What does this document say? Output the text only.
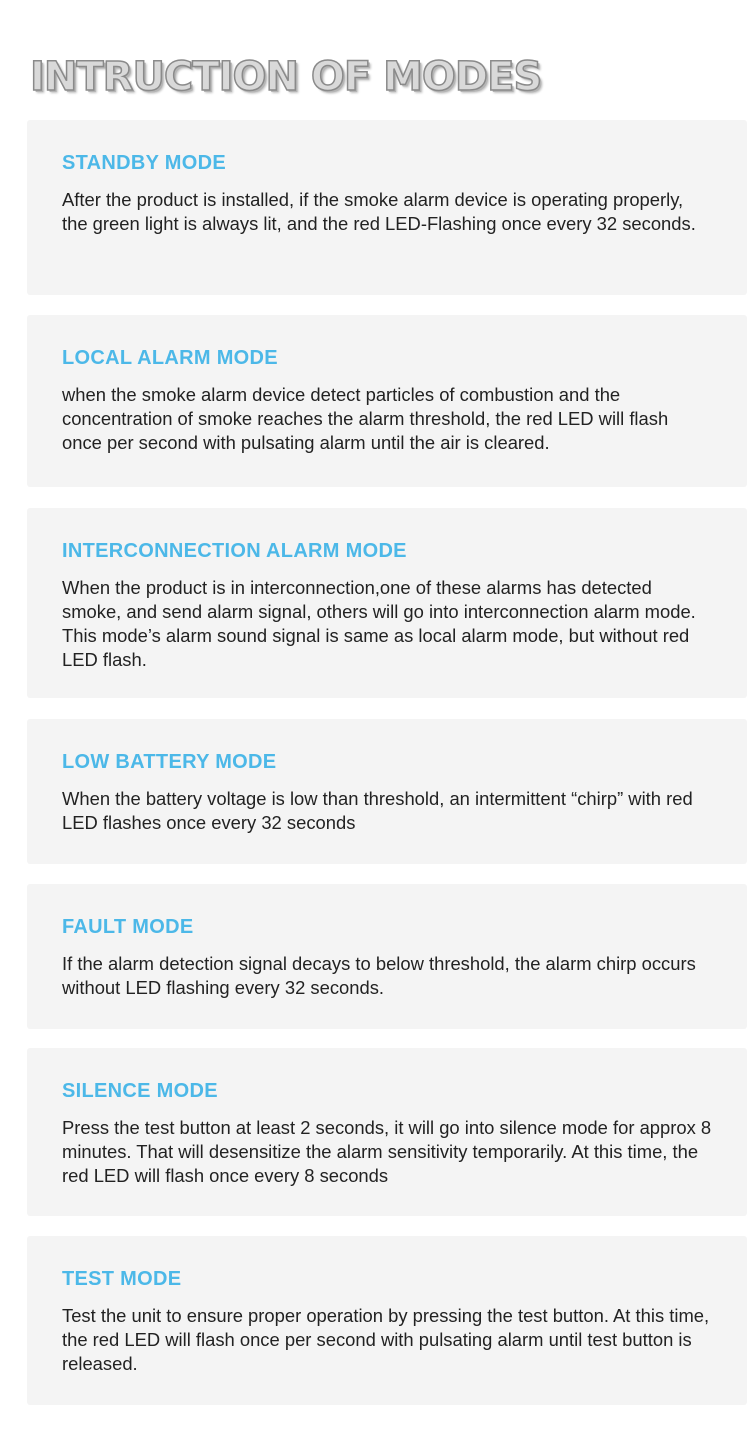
INTRUCTION OF MODES
STANDBY MODE

After the product is installed, if the smoke alarm device is operating properly, the green light is always lit, and the red LED-Flashing once every 32 seconds.

LOCAL ALARM MODE

when the smoke alarm device detect particles of combustion and the concentration of smoke reaches the alarm threshold, the red LED will flash once per second with pulsating alarm until the air is cleared.

INTERCONNECTION ALARM MODE

When the product is in interconnection,one of these alarms has detected smoke, and send alarm signal, others will go into interconnection alarm mode. This mode’s alarm sound signal is same as local alarm mode, but without red LED flash.

LOW BATTERY MODE

When the battery voltage is low than threshold, an intermittent “chirp” with red LED flashes once every 32 seconds

FAULT MODE

If the alarm detection signal decays to below threshold, the alarm chirp occurs without LED flashing every 32 seconds.

SILENCE MODE

Press the test button at least 2 seconds, it will go into silence mode for approx 8 minutes. That will desensitize the alarm sensitivity temporarily. At this time, the red LED will flash once every 8 seconds

TEST MODE

Test the unit to ensure proper operation by pressing the test button. At this time, the red LED will flash once per second with pulsating alarm until test button is released.
